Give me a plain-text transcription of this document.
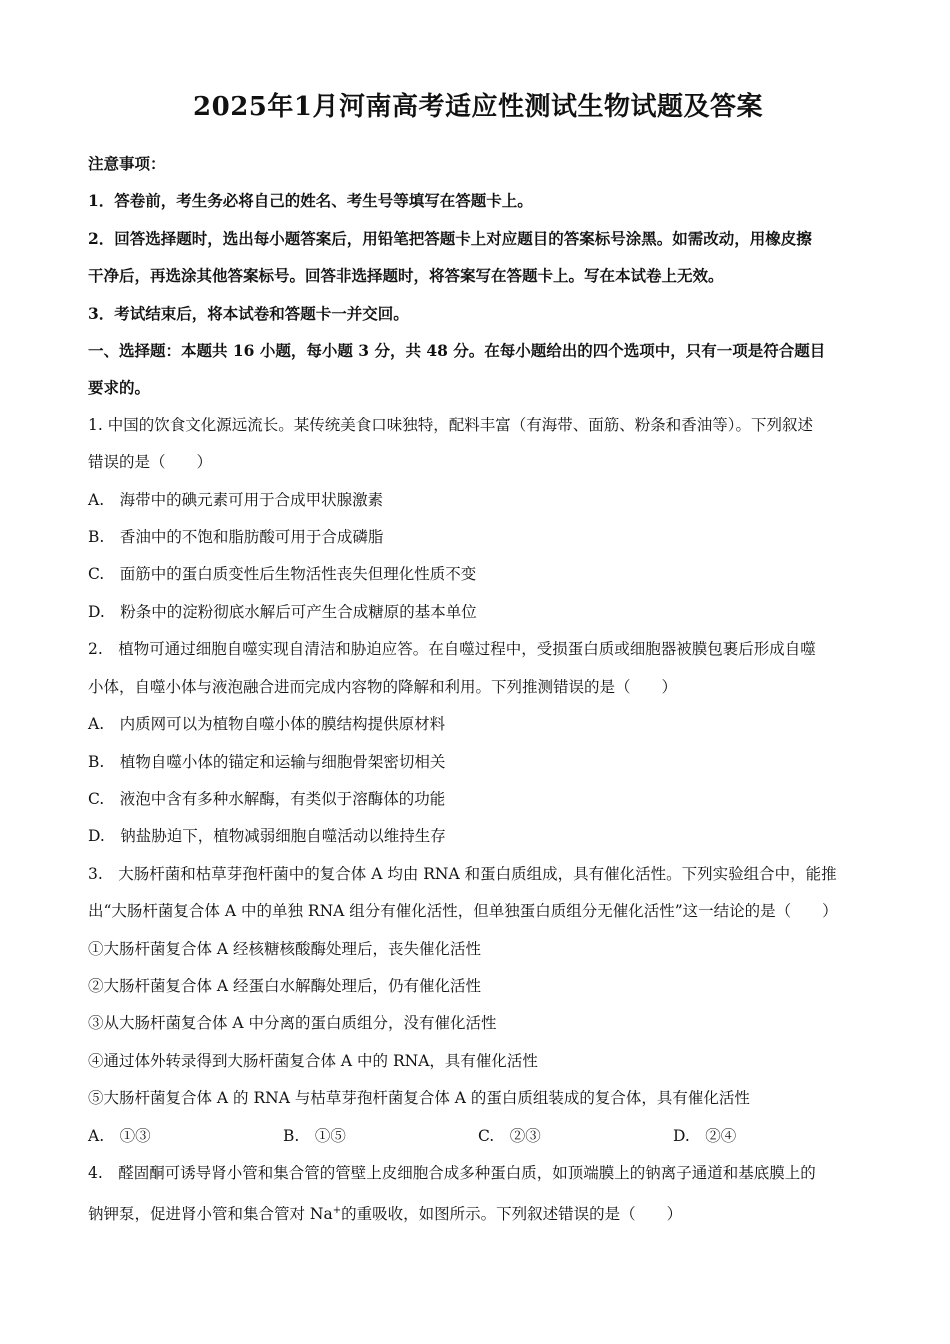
2025年1月河南高考适应性测试生物试题及答案
注意事项：
1．答卷前，考生务必将自己的姓名、考生号等填写在答题卡上。
2．回答选择题时，选出每小题答案后，用铅笔把答题卡上对应题目的答案标号涂黑。如需改动，用橡皮擦
干净后，再选涂其他答案标号。回答非选择题时，将答案写在答题卡上。写在本试卷上无效。
3．考试结束后，将本试卷和答题卡一并交回。
一、选择题：本题共 16 小题，每小题 3 分，共 48 分。在每小题给出的四个选项中，只有一项是符合题目
要求的。
1. 中国的饮食文化源远流长。某传统美食口味独特，配料丰富（有海带、面筋、粉条和香油等）。下列叙述
错误的是（　　）
A.　海带中的碘元素可用于合成甲状腺激素
B.　香油中的不饱和脂肪酸可用于合成磷脂
C.　面筋中的蛋白质变性后生物活性丧失但理化性质不变
D.　粉条中的淀粉彻底水解后可产生合成糖原的基本单位
2.　植物可通过细胞自噬实现自清洁和胁迫应答。在自噬过程中，受损蛋白质或细胞器被膜包裹后形成自噬
小体，自噬小体与液泡融合进而完成内容物的降解和利用。下列推测错误的是（　　）
A.　内质网可以为植物自噬小体的膜结构提供原材料
B.　植物自噬小体的锚定和运输与细胞骨架密切相关
C.　液泡中含有多种水解酶，有类似于溶酶体的功能
D.　钠盐胁迫下，植物减弱细胞自噬活动以维持生存
3.　大肠杆菌和枯草芽孢杆菌中的复合体 A 均由 RNA 和蛋白质组成，具有催化活性。下列实验组合中，能推
出“大肠杆菌复合体 A 中的单独 RNA 组分有催化活性，但单独蛋白质组分无催化活性”这一结论的是（　　）
①大肠杆菌复合体 A 经核糖核酸酶处理后，丧失催化活性
②大肠杆菌复合体 A 经蛋白水解酶处理后，仍有催化活性
③从大肠杆菌复合体 A 中分离的蛋白质组分，没有催化活性
④通过体外转录得到大肠杆菌复合体 A 中的 RNA，具有催化活性
⑤大肠杆菌复合体 A 的 RNA 与枯草芽孢杆菌复合体 A 的蛋白质组装成的复合体，具有催化活性
A.　①③	B.　①⑤	C.　②③	D.　②④
4.　醛固酮可诱导肾小管和集合管的管壁上皮细胞合成多种蛋白质，如顶端膜上的钠离子通道和基底膜上的
钠钾泵，促进肾小管和集合管对 Na+的重吸收，如图所示。下列叙述错误的是（　　）
